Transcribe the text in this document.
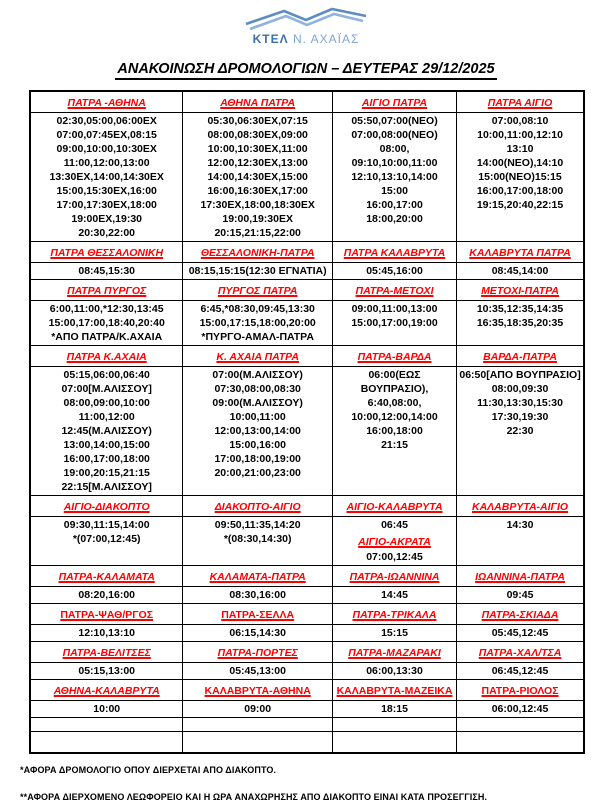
ΚΤΕΛ Ν. ΑΧΑΪΑΣ
ΑΝΑΚΟΙΝΩΣΗ ΔΡΟΜΟΛΟΓΙΩΝ – ΔΕΥΤΕΡΑΣ 29/12/2025
ΠΑΤΡΑ -ΑΘΗΝΑ	ΑΘΗΝΑ ΠΑΤΡΑ	ΑΙΓΙΟ ΠΑΤΡΑ	ΠΑΤΡΑ ΑΙΓΙΟ

02:30,05:00,06:00ΕΧ
07:00,07:45ΕΧ,08:15
09:00,10:00,10:30ΕΧ
11:00,12:00,13:00
13:30ΕΧ,14:00,14:30ΕΧ
15:00,15:30ΕΧ,16:00
17:00,17:30ΕΧ,18:00
19:00ΕΧ,19:30
20:30,22:00

05:30,06:30ΕΧ,07:15
08:00,08:30ΕΧ,09:00
10:00,10:30ΕΧ,11:00
12:00,12:30ΕΧ,13:00
14:00,14:30ΕΧ,15:00
16:00,16:30ΕΧ,17:00
17:30ΕΧ,18:00,18:30ΕΧ
19:00,19:30ΕΧ
20:15,21:15,22:00

05:50,07:00(ΝΕΟ)
07:00,08:00(ΝΕΟ)
08:00,
09:10,10:00,11:00
12:10,13:10,14:00
15:00
16:00,17:00
18:00,20:00

07:00,08:10
10:00,11:00,12:10
13:10
14:00(ΝΕΟ),14:10
15:00(ΝΕΟ)15:15
16:00,17:00,18:00
19:15,20:40,22:15

ΠΑΤΡΑ ΘΕΣΣΑΛΟΝΙΚΗ	ΘΕΣΣΑΛΟΝΙΚΗ-ΠΑΤΡΑ	ΠΑΤΡΑ ΚΑΛΑΒΡΥΤΑ	ΚΑΛΑΒΡΥΤΑ ΠΑΤΡΑ

08:45,15:30	08:15,15:15(12:30 ΕΓΝΑΤΙΑ)	05:45,16:00	08:45,14:00

ΠΑΤΡΑ ΠΥΡΓΟΣ	ΠΥΡΓΟΣ ΠΑΤΡΑ	ΠΑΤΡΑ-ΜΕΤΟΧΙ	ΜΕΤΟΧΙ-ΠΑΤΡΑ

6:00,11:00,*12:30,13:45
15:00,17:00,18:40,20:40
*ΑΠΟ ΠΑΤΡΑ/Κ.ΑΧΑΙΑ

6:45,*08:30,09:45,13:30
15:00,17:15,18:00,20:00
*ΠΥΡΓΟ-ΑΜΑΛ-ΠΑΤΡΑ

09:00,11:00,13:00
15:00,17:00,19:00

10:35,12:35,14:35
16:35,18:35,20:35

ΠΑΤΡΑ Κ.ΑΧΑΙΑ	Κ. ΑΧΑΙΑ ΠΑΤΡΑ	ΠΑΤΡΑ-ΒΑΡΔΑ	ΒΑΡΔΑ-ΠΑΤΡΑ

05:15,06:00,06:40
07:00[Μ.ΑΛΙΣΣΟΥ]
08:00,09:00,10:00
11:00,12:00
12:45(Μ.ΑΛΙΣΣΟΥ)
13:00,14:00,15:00
16:00,17:00,18:00
19:00,20:15,21:15
22:15[Μ.ΑΛΙΣΣΟΥ]

07:00(Μ.ΑΛΙΣΣΟΥ)
07:30,08:00,08:30
09:00(Μ.ΑΛΙΣΣΟΥ)
10:00,11:00
12:00,13:00,14:00
15:00,16:00
17:00,18:00,19:00
20:00,21:00,23:00

06:00(ΕΩΣ
ΒΟΥΠΡΑΣΙΟ),
6:40,08:00,
10:00,12:00,14:00
16:00,18:00
21:15

06:50[ΑΠΟ ΒΟΥΠΡΑΣΙΟ]
08:00,09:30
11:30,13:30,15:30
17:30,19:30
22:30

ΑΙΓΙΟ-ΔΙΑΚΟΠΤΟ	ΔΙΑΚΟΠΤΟ-ΑΙΓΙΟ	ΑΙΓΙΟ-ΚΑΛΑΒΡΥΤΑ	ΚΑΛΑΒΡΥΤΑ-ΑΙΓΙΟ

09:30,11:15,14:00
*(07:00,12:45)

09:50,11:35,14:20
*(08:30,14:30)

06:45
ΑΙΓΙΟ-ΑΚΡΑΤΑ
07:00,12:45

14:30

ΠΑΤΡΑ-ΚΑΛΑΜΑΤΑ	ΚΑΛΑΜΑΤΑ-ΠΑΤΡΑ	ΠΑΤΡΑ-ΙΩΑΝΝΙΝΑ	ΙΩΑΝΝΙΝΑ-ΠΑΤΡΑ

08:20,16:00	08:30,16:00	14:45	09:45

ΠΑΤΡΑ-ΨΑΘ/ΡΓΟΣ	ΠΑΤΡΑ-ΣΕΛΛΑ	ΠΑΤΡΑ-ΤΡΙΚΑΛΑ	ΠΑΤΡΑ-ΣΚΙΑΔΑ

12:10,13:10	06:15,14:30	15:15	05:45,12:45

ΠΑΤΡΑ-ΒΕΛΙΤΣΕΣ	ΠΑΤΡΑ-ΠΟΡΤΕΣ	ΠΑΤΡΑ-ΜΑΖΑΡΑΚΙ	ΠΑΤΡΑ-ΧΑΛ/ΤΣΑ

05:15,13:00	05:45,13:00	06:00,13:30	06:45,12:45

ΑΘΗΝΑ-ΚΑΛΑΒΡΥΤΑ	ΚΑΛΑΒΡΥΤΑ-ΑΘΗΝΑ	ΚΑΛΑΒΡΥΤΑ-ΜΑΖΕΙΚΑ	ΠΑΤΡΑ-ΡΙΟΛΟΣ

10:00	09:00	18:15	06:00,12:45

*ΑΦΟΡΑ ΔΡΟΜΟΛΟΓΙΟ ΟΠΟΥ ΔΙΕΡΧΕΤΑΙ ΑΠΟ ΔΙΑΚΟΠΤΟ.

**ΑΦΟΡΑ ΔΙΕΡΧΟΜΕΝΟ ΛΕΩΦΟΡΕΙΟ ΚΑΙ Η ΩΡΑ ΑΝΑΧΩΡΗΣΗΣ ΑΠΟ ΔΙΑΚΟΠΤΟ ΕΙΝΑΙ ΚΑΤΑ ΠΡΟΣΕΓΓΙΣΗ.
